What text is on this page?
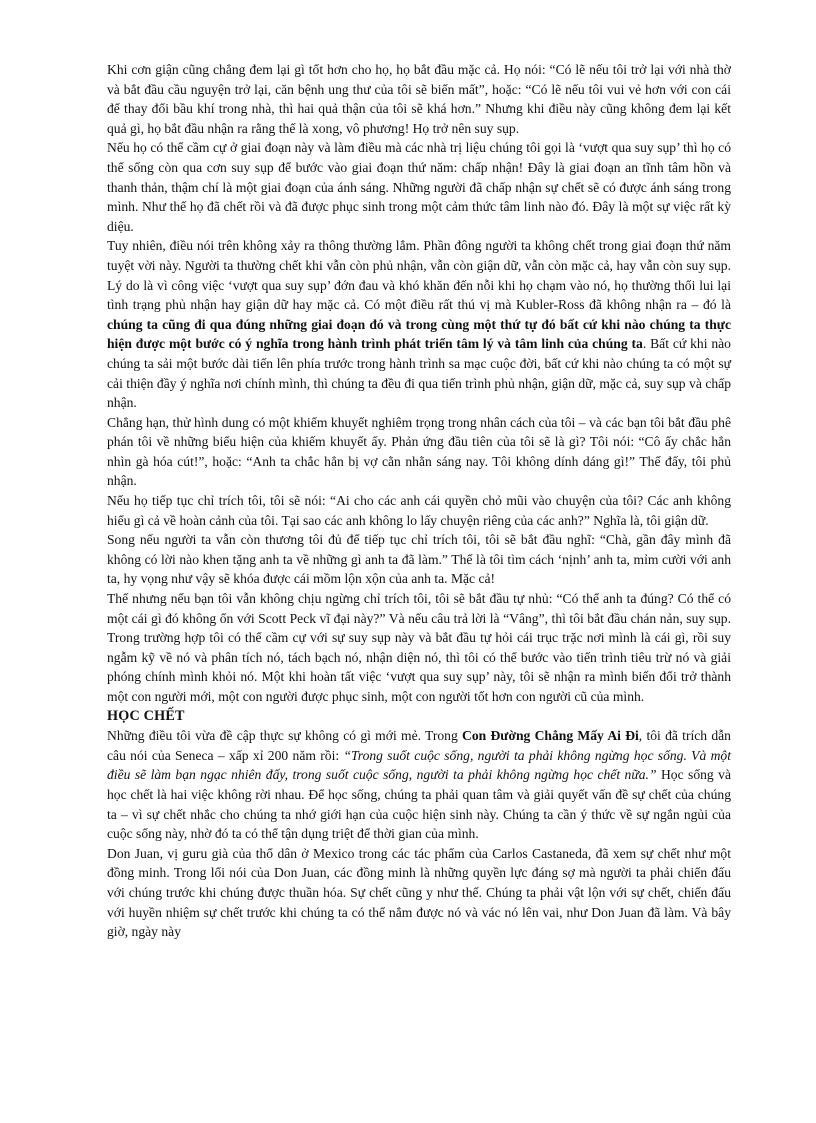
Khi cơn giận cũng chẳng đem lại gì tốt hơn cho họ, họ bắt đầu mặc cả. Họ nói: “Có lẽ nếu tôi trở lại với nhà thờ và bắt đầu cầu nguyện trở lại, căn bệnh ung thư của tôi sẽ biến mất”, hoặc: “Có lẽ nếu tôi vui vẻ hơn với con cái để thay đổi bầu khí trong nhà, thì hai quả thận của tôi sẽ khá hơn.” Nhưng khi điều này cũng không đem lại kết quả gì, họ bắt đầu nhận ra rằng thế là xong, vô phương! Họ trở nên suy sụp.

Nếu họ có thể cầm cự ở giai đoạn này và làm điều mà các nhà trị liệu chúng tôi gọi là ‘vượt qua suy sụp’ thì họ có thể sống còn qua cơn suy sụp để bước vào giai đoạn thứ năm: chấp nhận! Đây là giai đoạn an tĩnh tâm hồn và thanh thản, thậm chí là một giai đoạn của ánh sáng. Những người đã chấp nhận sự chết sẽ có được ánh sáng trong mình. Như thế họ đã chết rồi và đã được phục sinh trong một cảm thức tâm linh nào đó. Đây là một sự việc rất kỳ diệu.

Tuy nhiên, điều nói trên không xảy ra thông thường lắm. Phần đông người ta không chết trong giai đoạn thứ năm tuyệt vời này. Người ta thường chết khi vẫn còn phủ nhận, vẫn còn giận dữ, vẫn còn mặc cả, hay vẫn còn suy sụp. Lý do là vì công việc ‘vượt qua suy sụp’ đớn đau và khó khăn đến nỗi khi họ chạm vào nó, họ thường thối lui lại tình trạng phủ nhận hay giận dữ hay mặc cả. Có một điều rất thú vị mà Kubler-Ross đã không nhận ra – đó là chúng ta cũng đi qua đúng những giai đoạn đó và trong cùng một thứ tự đó bất cứ khi nào chúng ta thực hiện được một bước có ý nghĩa trong hành trình phát triển tâm lý và tâm linh của chúng ta. Bất cứ khi nào chúng ta sải một bước dài tiến lên phía trước trong hành trình sa mạc cuộc đời, bất cứ khi nào chúng ta có một sự cải thiện đầy ý nghĩa nơi chính mình, thì chúng ta đều đi qua tiến trình phủ nhận, giận dữ, mặc cả, suy sụp và chấp nhận.

Chẳng hạn, thử hình dung có một khiếm khuyết nghiêm trọng trong nhân cách của tôi – và các bạn tôi bắt đầu phê phán tôi về những biểu hiện của khiếm khuyết ấy. Phản ứng đầu tiên của tôi sẽ là gì? Tôi nói: “Cô ấy chắc hẳn nhìn gà hóa cút!”, hoặc: “Anh ta chắc hẳn bị vợ cằn nhằn sáng nay. Tôi không dính dáng gì!” Thế đấy, tôi phủ nhận.

Nếu họ tiếp tục chỉ trích tôi, tôi sẽ nói: “Ai cho các anh cái quyền chỏ mũi vào chuyện của tôi? Các anh không hiểu gì cả về hoàn cảnh của tôi. Tại sao các anh không lo lấy chuyện riêng của các anh?” Nghĩa là, tôi giận dữ.

Song nếu người ta vẫn còn thương tôi đủ để tiếp tục chỉ trích tôi, tôi sẽ bắt đầu nghĩ: “Chà, gần đây mình đã không có lời nào khen tặng anh ta về những gì anh ta đã làm.” Thế là tôi tìm cách ‘nịnh’ anh ta, mỉm cười với anh ta, hy vọng như vậy sẽ khóa được cái mồm lộn xộn của anh ta. Mặc cả!

Thế nhưng nếu bạn tôi vẫn không chịu ngừng chỉ trích tôi, tôi sẽ bắt đầu tự nhủ: “Có thể anh ta đúng? Có thể có một cái gì đó không ổn với Scott Peck vĩ đại này?” Và nếu câu trả lời là “Vâng”, thì tôi bắt đầu chán nản, suy sụp. Trong trường hợp tôi có thể cầm cự với sự suy sụp này và bắt đầu tự hỏi cái trục trặc nơi mình là cái gì, rồi suy ngẫm kỹ về nó và phân tích nó, tách bạch nó, nhận diện nó, thì tôi có thể bước vào tiến trình tiêu trừ nó và giải phóng chính mình khỏi nó. Một khi hoàn tất việc ‘vượt qua suy sụp’ này, tôi sẽ nhận ra mình biến đổi trở thành một con người mới, một con người được phục sinh, một con người tốt hơn con người cũ của mình.

HỌC CHẾT

Những điều tôi vừa đề cập thực sự không có gì mới mẻ. Trong Con Đường Chẳng Mấy Ai Đi, tôi đã trích dẫn câu nói của Seneca – xấp xỉ 200 năm rồi: “Trong suốt cuộc sống, người ta phải không ngừng học sống. Và một điều sẽ làm bạn ngạc nhiên đấy, trong suốt cuộc sống, người ta phải không ngừng học chết nữa.” Học sống và học chết là hai việc không rời nhau. Để học sống, chúng ta phải quan tâm và giải quyết vấn đề sự chết của chúng ta – vì sự chết nhắc cho chúng ta nhớ giới hạn của cuộc hiện sinh này. Chúng ta cần ý thức về sự ngắn ngủi của cuộc sống này, nhờ đó ta có thể tận dụng triệt để thời gian của mình.

Don Juan, vị guru già của thổ dân ở Mexico trong các tác phẩm của Carlos Castaneda, đã xem sự chết như một đồng minh. Trong lối nói của Don Juan, các đồng minh là những quyền lực đáng sợ mà người ta phải chiến đấu với chúng trước khi chúng được thuần hóa. Sự chết cũng y như thế. Chúng ta phải vật lộn với sự chết, chiến đấu với huyền nhiệm sự chết trước khi chúng ta có thể nắm được nó và vác nó lên vai, như Don Juan đã làm. Và bây giờ, ngày này
